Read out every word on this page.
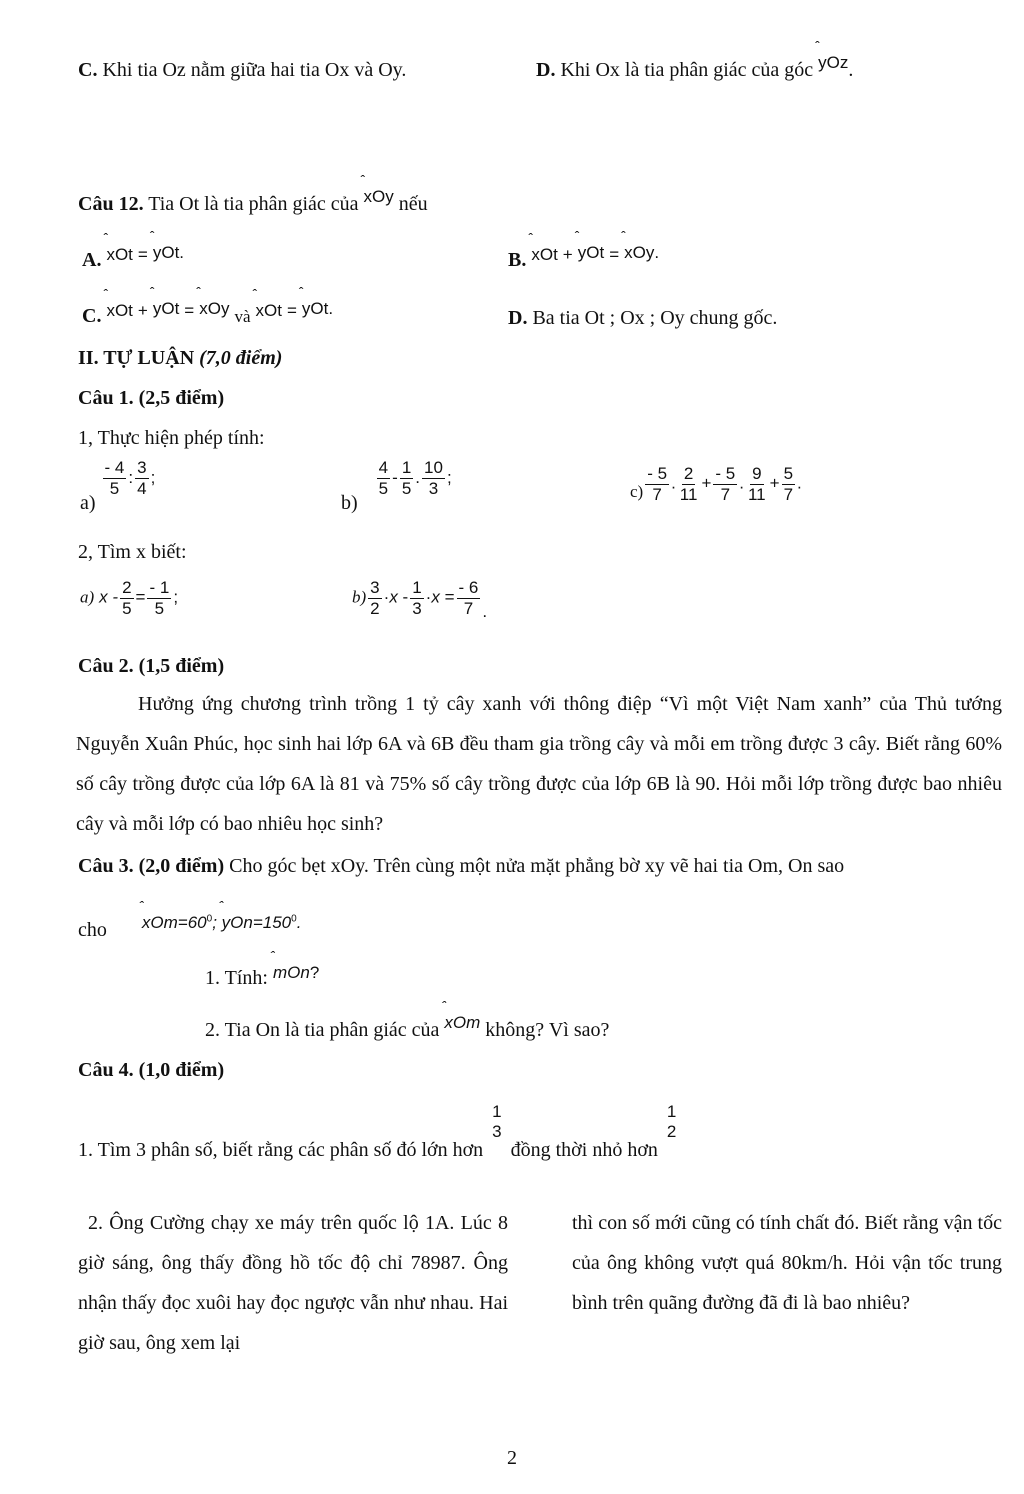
C. Khi tia Oz nằm giữa hai tia Ox và Oy.	D. Khi Ox là tia phân giác của góc
ˆ
yOz.
Câu 12. Tia Ot là tia phân giác của
ˆ
xOy nếu
A.
ˆ
xOt =
ˆ
yOt.	B.
ˆ
xOt +
ˆ
yOt =
ˆ
xOy.
C.
ˆ
xOt +
ˆ
yOt =
ˆ
xOy và
ˆ
xOt =
ˆ
yOt.	D. Ba tia Ot ; Ox ; Oy chung gốc.
II. TỰ LUẬN (7,0 điểm)
Câu 1. (2,5 điểm)
1, Thực hiện phép tính:
a)
$\frac{- 4}{5} ^: \frac{3}{4} ^;$
b)
$\frac{4}{5} ^- \frac{1}{5} ^. \frac{10}{3} ^;$
$_{c)} \frac{- 5}{7}$ . $\frac{2}{11} + \frac{- 5}{7}$ . $\frac{9}{11} + \frac{5}{7}$ .
2, Tìm x biết:
a) $x - \frac{2}{5} = \frac{- 1}{5}$ ;	$b) \frac{3}{2} \cdot x - \frac{1}{3} \cdot x = \frac{- 6}{7} _.$
Câu 2. (1,5 điểm)
Hưởng ứng chương trình trồng 1 tỷ cây xanh với thông điệp “Vì một Việt Nam xanh” của Thủ tướng Nguyễn Xuân Phúc, học sinh hai lớp 6A và 6B đều tham gia trồng cây và mỗi em trồng được 3 cây. Biết rằng 60% số cây trồng được của lớp 6A là 81 và 75% số cây trồng được của lớp 6B là 90. Hỏi mỗi lớp trồng được bao nhiêu cây và mỗi lớp có bao nhiêu học sinh?
Câu 3. (2,0 điểm) Cho góc bẹt xOy. Trên cùng một nửa mặt phẳng bờ xy vẽ hai tia Om, On sao
cho
$^{ˆ xOm=60^0; ˆ yOn=150^0.}$
1. Tính:
$^{ˆ mOn?}$
2. Tia On là tia phân giác của
$^{ˆ xOm}$ không? Vì sao?
Câu 4. (1,0 điểm)
1. Tìm 3 phân số, biết rằng các phân số đó lớn hơn
1
3
đồng thời nhỏ hơn
1
2
2. Ông Cường chạy xe máy trên quốc lộ 1A. Lúc 8 giờ sáng, ông thấy đồng hồ tốc độ chỉ 78987. Ông nhận thấy đọc xuôi hay đọc ngược vẫn như nhau. Hai giờ sau, ông xem lại
thì con số mới cũng có tính chất đó. Biết rằng vận tốc của ông không vượt quá 80km/h. Hỏi vận tốc trung bình trên quãng đường đã đi là bao nhiêu?
2
